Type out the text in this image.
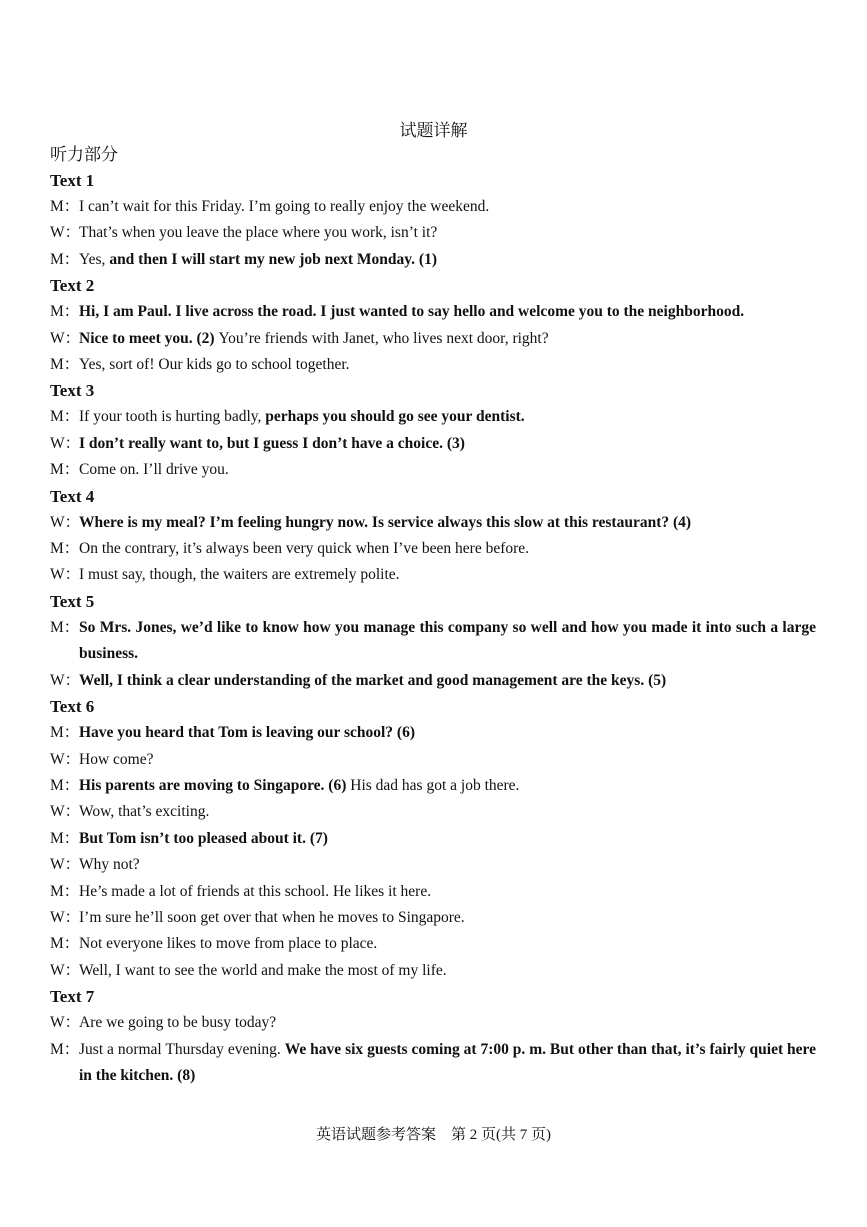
试题详解
听力部分
Text 1
M： I can’t wait for this Friday. I’m going to really enjoy the weekend.
W：
That’s when you leave the place where you work, isn’t it?
M： Yes, and then I will start my new job next Monday. (1)
Text 2
M： Hi, I am Paul. I live across the road. I just wanted to say hello and welcome you to the neighborhood.
W：
Nice to meet you. (2) You’re friends with Janet, who lives next door, right?
M： Yes, sort of! Our kids go to school together.
Text 3
M： If your tooth is hurting badly, perhaps you should go see your dentist.
W：
I don’t really want to, but I guess I don’t have a choice. (3)
M： Come on. I’ll drive you.
Text 4
W：
Where is my meal? I’m feeling hungry now. Is service always this slow at this restaurant? (4)
M： On the contrary, it’s always been very quick when I’ve been here before.
W：
I must say, though, the waiters are extremely polite.
Text 5
M： So Mrs. Jones, we’d like to know how you manage this company so well and how you made it into such a large business.
W：
Well, I think a clear understanding of the market and good management are the keys. (5)
Text 6
M： Have you heard that Tom is leaving our school? (6)
W：
How come?
M： His parents are moving to Singapore. (6) His dad has got a job there.
W：
Wow, that’s exciting.
M： But Tom isn’t too pleased about it. (7)
W：
Why not?
M： He’s made a lot of friends at this school. He likes it here.
W：
I’m sure he’ll soon get over that when he moves to Singapore.
M： Not everyone likes to move from place to place.
W：
Well, I want to see the world and make the most of my life.
Text 7
W：
Are we going to be busy today?
M： Just a normal Thursday evening. We have six guests coming at 7:00 p. m. But other than that, it’s fairly quiet here in the kitchen. (8)
英语试题参考答案　第 2 页(共 7 页)
